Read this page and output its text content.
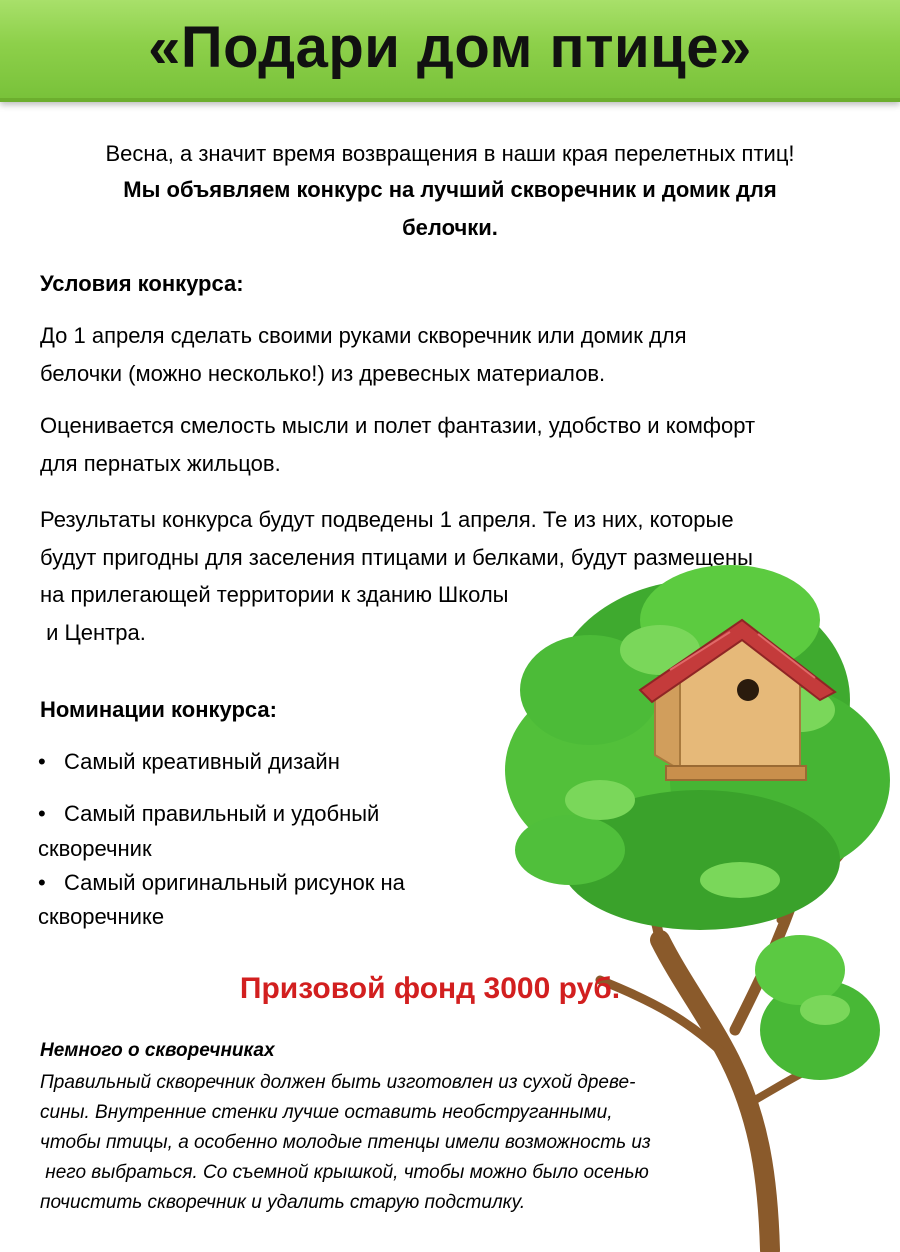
«Подари дом птице»

Весна, а значит время возвращения в наши края перелетных птиц!

Мы объявляем конкурс на лучший скворечник и домик для

белочки.

Условия конкурса:

До 1 апреля сделать своими руками скворечник или домик для

белочки (можно несколько!) из древесных материалов.

Оценивается смелость мысли и полет фантазии, удобство и комфорт

для пернатых жильцов.

Результаты конкурса будут подведены 1 апреля. Те из них, которые

будут пригодны для заселения птицами и белками, будут размещены

на прилегающей территории к зданию Школы

и Центра.

Номинации конкурса:

• Самый креативный дизайн
• Самый правильный и удобный
скворечник
• Самый оригинальный рисунок на
скворечнике
Призовой фонд 3000 руб.
Немного о скворечниках
Правильный скворечник должен быть изготовлен из сухой древе-
сины. Внутренние стенки лучше оставить необструганными,
чтобы птицы, а особенно молодые птенцы имели возможность из
него выбраться. Со съемной крышкой, чтобы можно было осенью
почистить скворечник и удалить старую подстилку.
